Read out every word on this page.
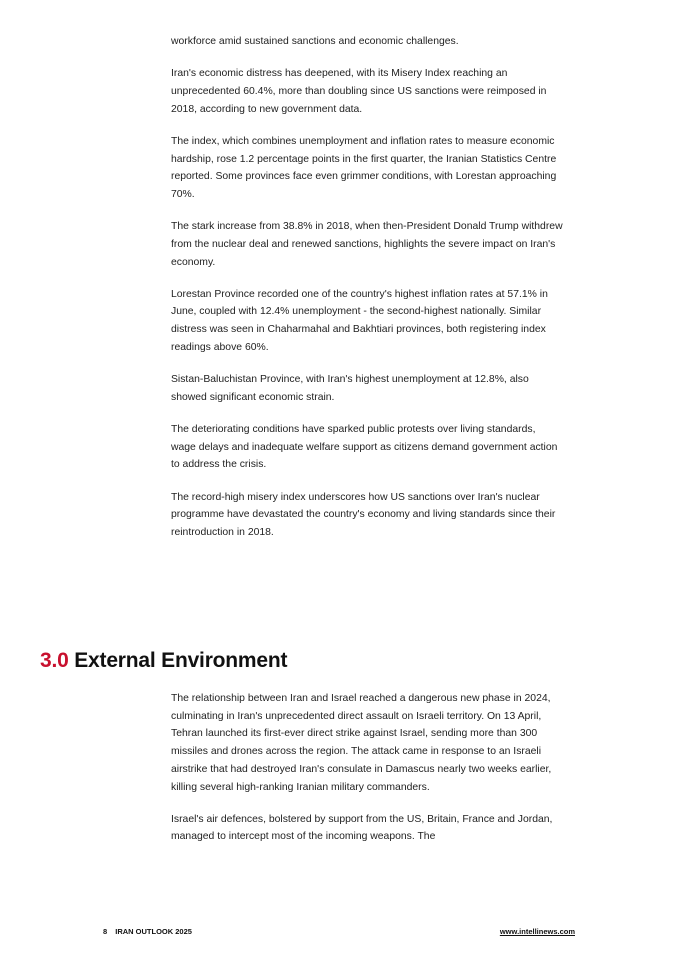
workforce amid sustained sanctions and economic challenges.

Iran's economic distress has deepened, with its Misery Index reaching an unprecedented 60.4%, more than doubling since US sanctions were reimposed in 2018, according to new government data.

The index, which combines unemployment and inflation rates to measure economic hardship, rose 1.2 percentage points in the first quarter, the Iranian Statistics Centre reported. Some provinces face even grimmer conditions, with Lorestan approaching 70%.

The stark increase from 38.8% in 2018, when then-President Donald Trump withdrew from the nuclear deal and renewed sanctions, highlights the severe impact on Iran's economy.

Lorestan Province recorded one of the country's highest inflation rates at 57.1% in June, coupled with 12.4% unemployment - the second-highest nationally. Similar distress was seen in Chaharmahal and Bakhtiari provinces, both registering index readings above 60%.

Sistan-Baluchistan Province, with Iran's highest unemployment at 12.8%, also showed significant economic strain.

The deteriorating conditions have sparked public protests over living standards, wage delays and inadequate welfare support as citizens demand government action to address the crisis.

The record-high misery index underscores how US sanctions over Iran's nuclear programme have devastated the country's economy and living standards since their reintroduction in 2018.

3.0 External Environment

The relationship between Iran and Israel reached a dangerous new phase in 2024, culminating in Iran's unprecedented direct assault on Israeli territory. On 13 April, Tehran launched its first-ever direct strike against Israel, sending more than 300 missiles and drones across the region. The attack came in response to an Israeli airstrike that had destroyed Iran's consulate in Damascus nearly two weeks earlier, killing several high-ranking Iranian military commanders.

Israel's air defences, bolstered by support from the US, Britain, France and Jordan, managed to intercept most of the incoming weapons. The

8 IRAN OUTLOOK 2025	www.intellinews.com
